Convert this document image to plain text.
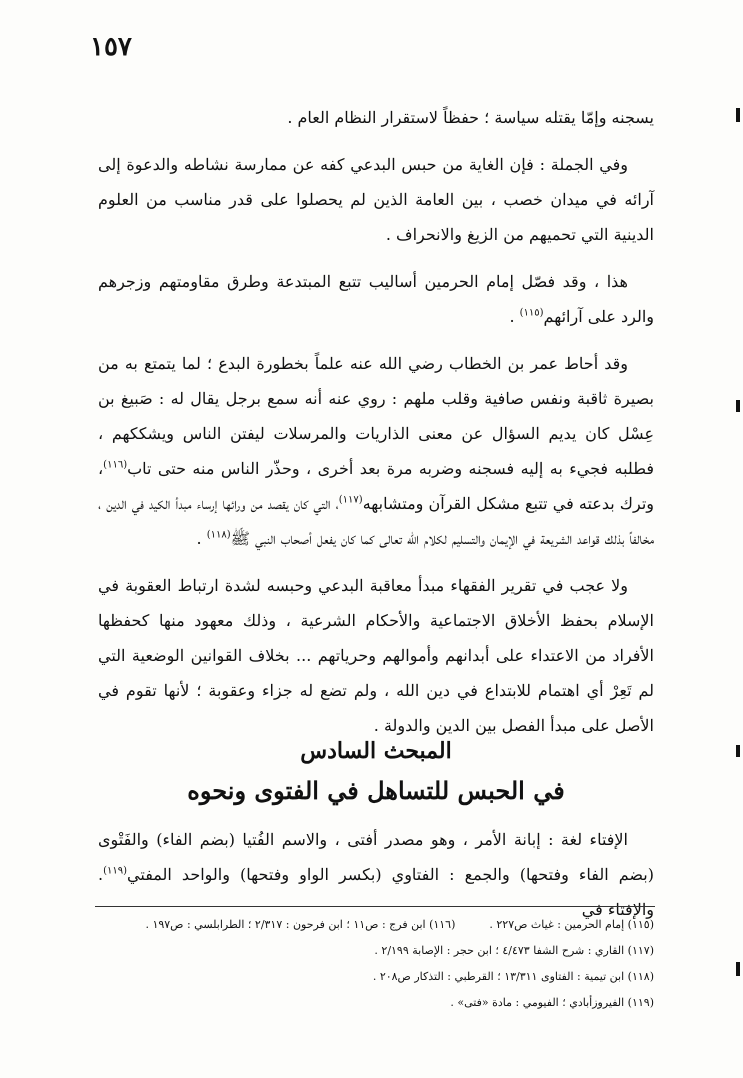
١٥٧

يسجنه وإمّا يقتله سياسة ؛ حفظاً لاستقرار النظام العام .

وفي الجملة : فإن الغاية من حبس البدعي كفه عن ممارسة نشاطه والدعوة إلى آرائه في ميدان خصب ، بين العامة الذين لم يحصلوا على قدر مناسب من العلوم الدينية التي تحميهم من الزيغ والانحراف .

هذا ، وقد فصّل إمام الحرمين أساليب تتبع المبتدعة وطرق مقاومتهم وزجرهم والرد على آرائهم$^{(١١٥)}$ .

وقد أحاط عمر بن الخطاب رضي الله عنه علماً بخطورة البدع ؛ لما يتمتع به من بصيرة ثاقبة ونفس صافية وقلب ملهم : روي عنه أنه سمع برجل يقال له : صَبيغ بن عِسْل كان يديم السؤال عن معنى الذاريات والمرسلات ليفتن الناس ويشككهم ، فطلبه فجيء به إليه فسجنه وضربه مرة بعد أخرى ، وحذّر الناس منه حتى تاب$^{(١١٦)}$، وترك بدعته في تتبع مشكل القرآن ومتشابهه$^{(١١٧)}$، التي كان يقصد من ورائها إرساء مبدأ الكيد في الدين ، مخالفاً بذلك قواعد الشريعة في الإيمان والتسليم لكلام الله تعالى كما كان يفعل أصحاب النبي ﷺ$^{(١١٨)}$ .

ولا عجب في تقرير الفقهاء مبدأ معاقبة البدعي وحبسه لشدة ارتباط العقوبة في الإسلام بحفظ الأخلاق الاجتماعية والأحكام الشرعية ، وذلك معهود منها كحفظها الأفراد من الاعتداء على أبدانهم وأموالهم وحرياتهم ... بخلاف القوانين الوضعية التي لم تَعِرْ أي اهتمام للابتداع في دين الله ، ولم تضع له جزاء وعقوبة ؛ لأنها تقوم في الأصل على مبدأ الفصل بين الدين والدولة .

المبحث السادس
في الحبس للتساهل في الفتوى ونحوه
الإفتاء لغة : إبانة الأمر ، وهو مصدر أفتى ، والاسم الفُتيا (بضم الفاء) والفَتْوى (بضم الفاء وفتحها) والجمع : الفتاوي (بكسر الواو وفتحها) والواحد المفتي$^{(١١٩)}$. والإفتاء في
(١١٥) إمام الحرمين : غياث ص٢٢٧ .(١١٦) ابن فرج : ص١١ ؛ ابن فرحون : ٢/٣١٧ ؛ الطرابلسي : ص١٩٧ .
(١١٧) القاري : شرح الشفا ٤/٤٧٣ ؛ ابن حجر : الإصابة ٢/١٩٩ .
(١١٨) ابن تيمية : الفتاوى ١٣/٣١١ ؛ القرطبي : التذكار ص٢٠٨ .
(١١٩) الفيروزأبادي ؛ الفيومي : مادة «فتى» .
